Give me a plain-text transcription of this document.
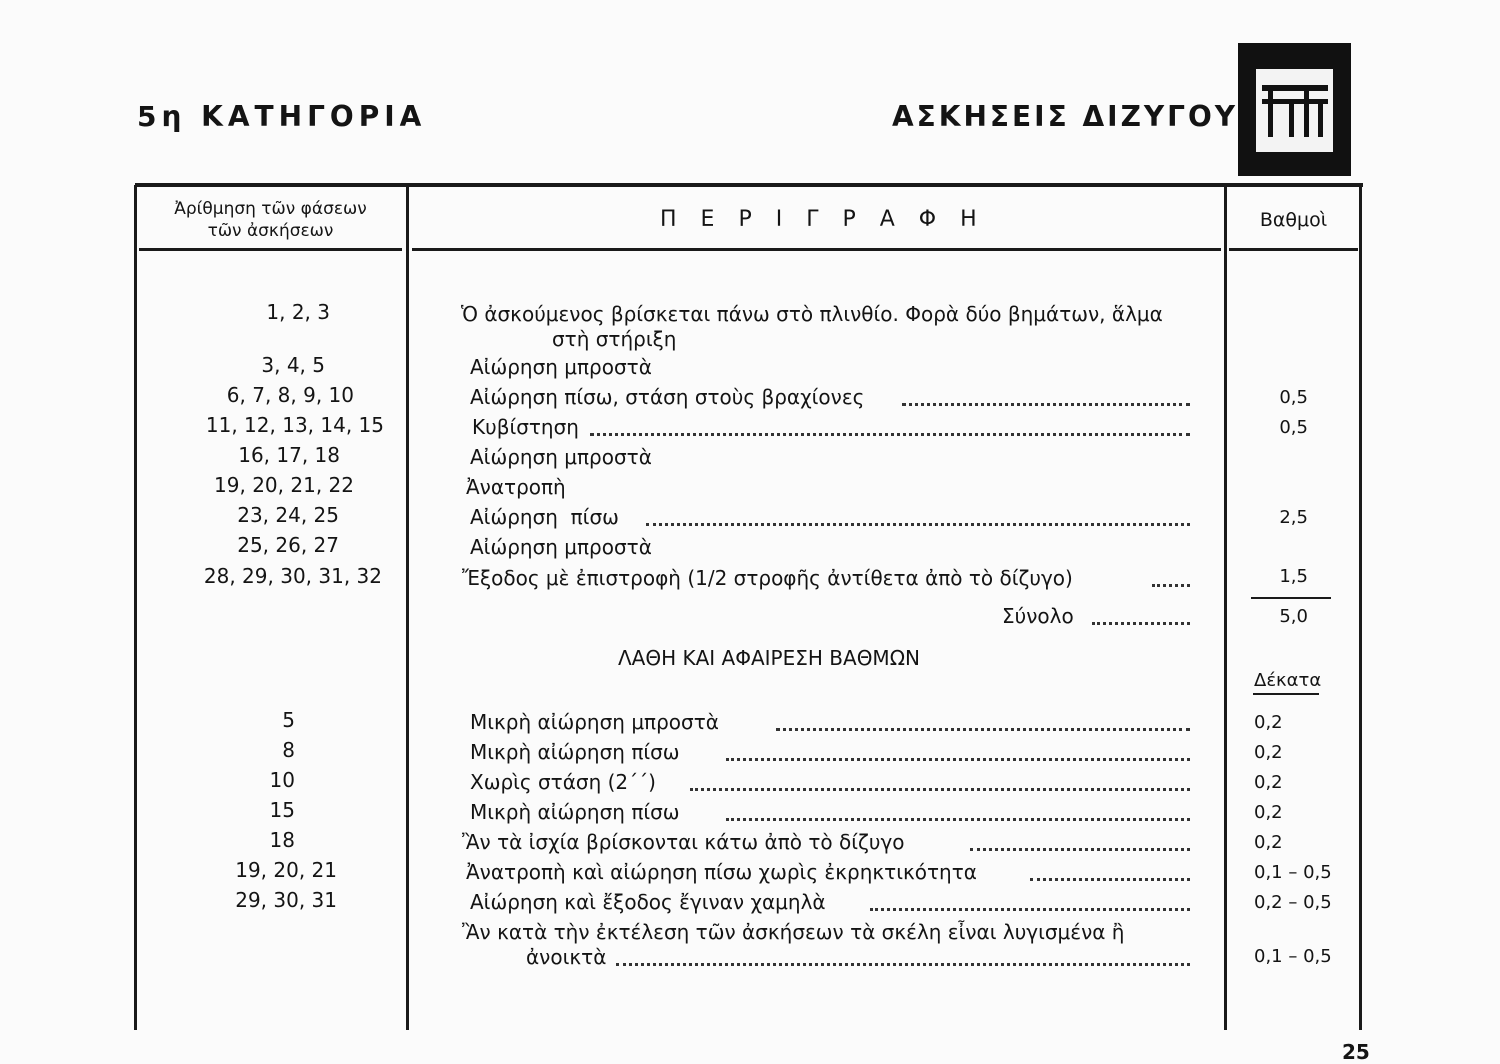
5η ΚΑΤΗΓΟΡΙΑ	ΑΣΚΗΣΕΙΣ ΔΙΖΥΓΟΥ
Ἀρίθμηση τῶν φάσεων
τῶν ἀσκήσεων	ΠΕΡΙΓΡΑΦΗ	Βαθμοὶ
1, 2, 3	Ὁ ἀσκούμενος βρίσκεται πάνω στὸ πλινθίο. Φορὰ δύο βημάτων, ἅλμα
στὴ στήριξη
3, 4, 5	Αἰώρηση μπροστὰ
6, 7, 8, 9, 10	Αἰώρηση πίσω, στάση στοὺς βραχίονες	0,5
11, 12, 13, 14, 15	Κυβίστηση	0,5
16, 17, 18	Αἰώρηση μπροστὰ
19, 20, 21, 22	Ἀνατροπὴ
23, 24, 25	Αἰώρηση  πίσω	2,5
25, 26, 27	Αἰώρηση μπροστὰ
28, 29, 30, 31, 32	Ἔξοδος μὲ ἐπιστροφὴ (1/2 στροφῆς ἀντίθετα ἀπὸ τὸ δίζυγο)	1,5
Σύνολο	5,0
ΛΑΘΗ ΚΑΙ ΑΦΑΙΡΕΣΗ ΒΑΘΜΩΝ
Δέκατα
5	Μικρὴ αἰώρηση μπροστὰ	0,2
8	Μικρὴ αἰώρηση πίσω	0,2
10	Χωρὶς στάση (2΄΄)	0,2
15	Μικρὴ αἰώρηση πίσω	0,2
18	Ἂν τὰ ἰσχία βρίσκονται κάτω ἀπὸ τὸ δίζυγο	0,2
19, 20, 21	Ἀνατροπὴ καὶ αἰώρηση πίσω χωρὶς ἐκρηκτικότητα	0,1 – 0,5
29, 30, 31	Αἰώρηση καὶ ἔξοδος ἔγιναν χαμηλὰ	0,2 – 0,5
Ἂν κατὰ τὴν ἐκτέλεση τῶν ἀσκήσεων τὰ σκέλη εἶναι λυγισμένα ἢ
ἀνοικτὰ	0,1 – 0,5
25
